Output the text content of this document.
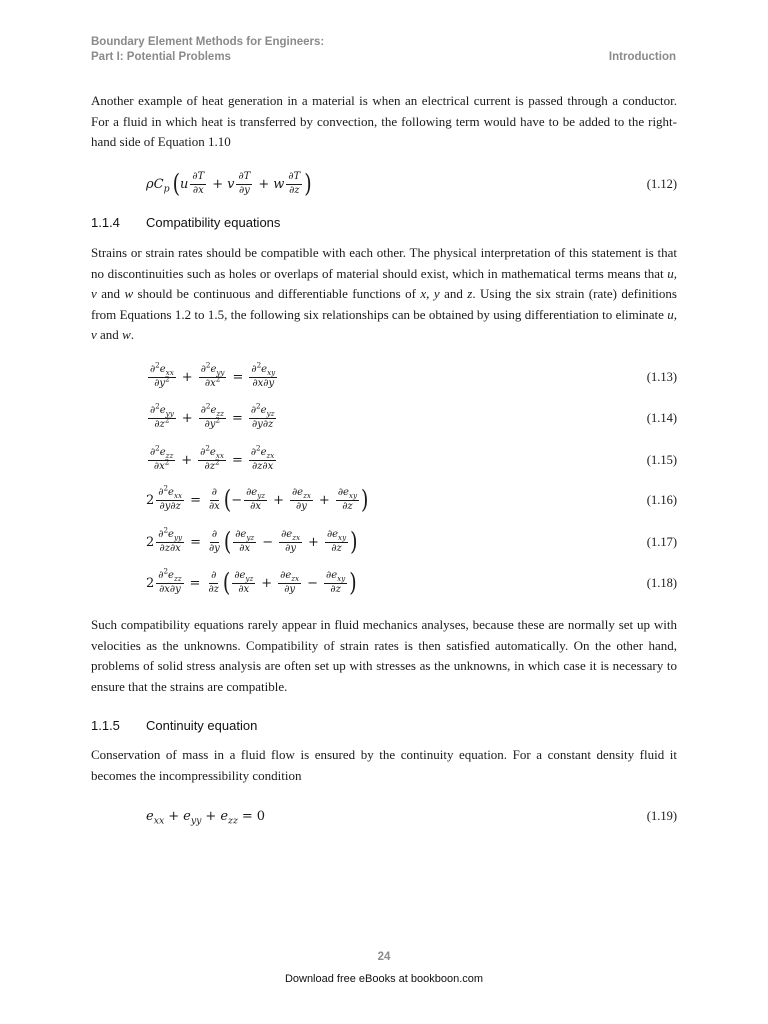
Boundary Element Methods for Engineers:
Part I: Potential Problems	Introduction

Another example of heat generation in a material is when an electrical current is passed through a conductor. For a fluid in which heat is transferred by convection, the following term would have to be added to the right-hand side of Equation 1.10

$\rho C_p$ ( u ∂T
∂x + v ∂T
∂y + w ∂T
∂z )	(1.12)
1.1.4 Compatibility equations

Strains or strain rates should be compatible with each other. The physical interpretation of this statement is that no discontinuities such as holes or overlaps of material should exist, which in mathematical terms means that u, v and w should be continuous and differentiable functions of x, y and z. Using the six strain (rate) definitions from Equations 1.2 to 1.5, the following six relationships can be obtained by using differentiation to eliminate u, v and w.

$\partial^2e_{xx}$
$\partial y^2 + \partial^2e_{yy}$
$\partial x^2 = \partial^2e_{xy}$
∂x∂y	(1.13)
$\partial^2e_{yy}$
$\partial z^2 + \partial^2e_{zz}$
$\partial y^2 = \partial^2e_{yz}$
∂y∂z	(1.14)
$\partial^2e_{zz}$
$\partial x^2 + \partial^2e_{xx}$
$\partial z^2 = \partial^2e_{zx}$
∂z∂x	(1.15)
2 $\partial^2e_{xx}$
∂y∂z = ∂
∂x ( − $\partial e_{yz}$
$\partial x + \partial e_{zx}$
$\partial y + \partial e_{xy}$
∂z )	(1.16)
2 $\partial^2e_{yy}$
∂z∂x = ∂
∂y ( $\partial e_{yz}$
$\partial x - \partial e_{zx}$
$\partial y + \partial e_{xy}$
∂z )	(1.17)
2 $\partial^2e_{zz}$
∂x∂y = ∂
∂z ( $\partial e_{yz}$
$\partial x + \partial e_{zx}$
$\partial y - \partial e_{xy}$
∂z )	(1.18)

Such compatibility equations rarely appear in fluid mechanics analyses, because these are normally set up with velocities as the unknowns. Compatibility of strain rates is then satisfied automatically. On the other hand, problems of solid stress analysis are often set up with stresses as the unknowns, in which case it is necessary to ensure that the strains are compatible.

1.1.5 Continuity equation

Conservation of mass in a fluid flow is ensured by the continuity equation. For a constant density fluid it becomes the incompressibility condition

$e_{xx} + e_{yy} + e_{zz} = 0$	(1.19)
24
Download free eBooks at bookboon.com
